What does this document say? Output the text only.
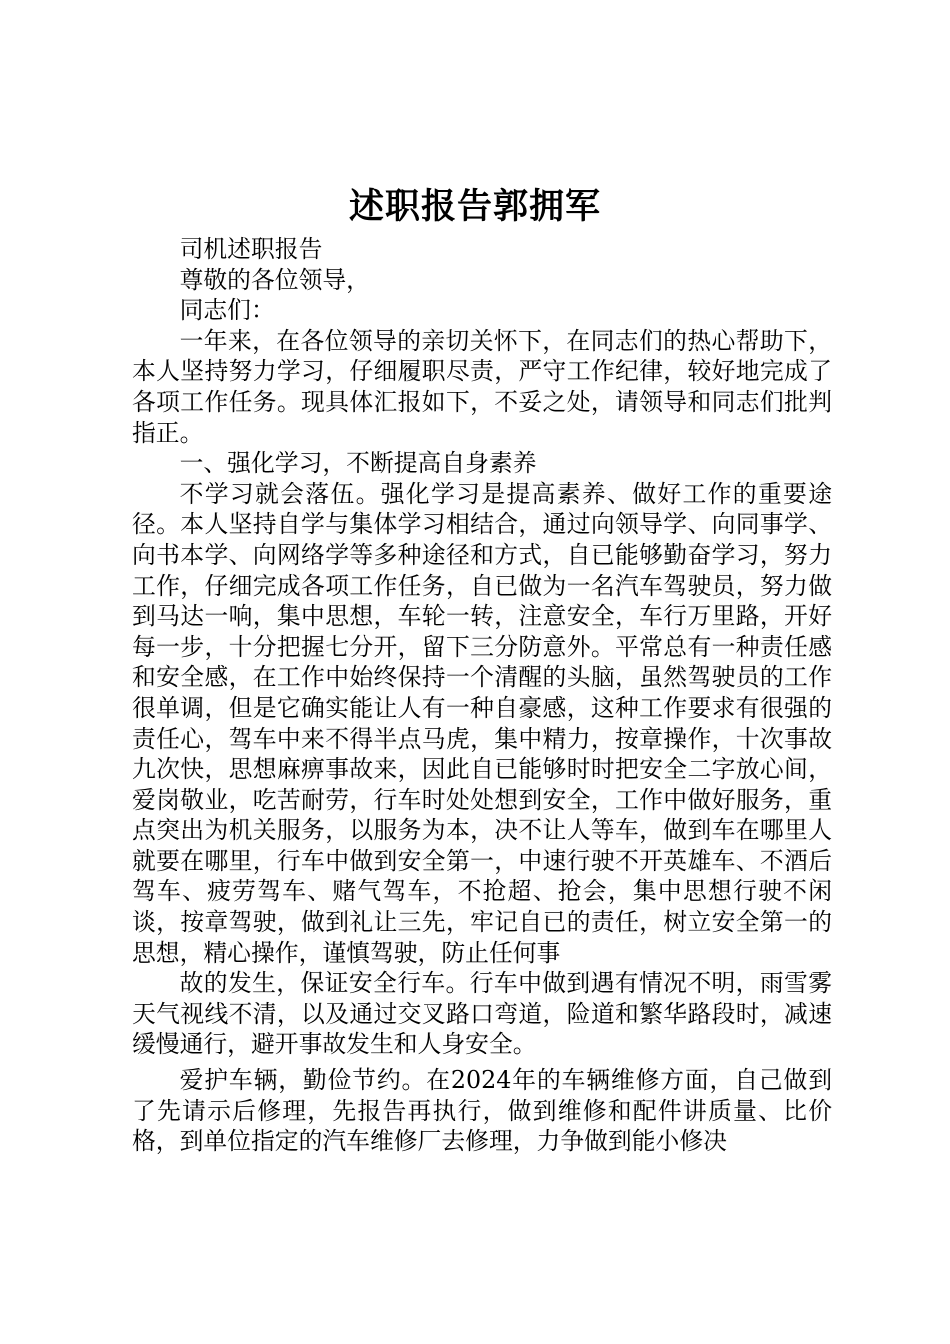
述职报告郭拥军

司机述职报告

尊敬的各位领导，

同志们：

一年来，在各位领导的亲切关怀下，在同志们的热心帮助下，本人坚持努力学习，仔细履职尽责，严守工作纪律，较好地完成了各项工作任务。现具体汇报如下，不妥之处，请领导和同志们批判指正。

一、强化学习，不断提高自身素养

不学习就会落伍。强化学习是提高素养、做好工作的重要途径。本人坚持自学与集体学习相结合，通过向领导学、向同事学、向书本学、向网络学等多种途径和方式，自已能够勤奋学习，努力工作，仔细完成各项工作任务，自已做为一名汽车驾驶员，努力做到马达一响，集中思想，车轮一转，注意安全，车行万里路，开好每一步，十分把握七分开，留下三分防意外。平常总有一种责任感和安全感，在工作中始终保持一个清醒的头脑，虽然驾驶员的工作很单调，但是它确实能让人有一种自豪感，这种工作要求有很强的责任心，驾车中来不得半点马虎，集中精力，按章操作，十次事故九次快，思想麻痹事故来，因此自已能够时时把安全二字放心间，爱岗敬业，吃苦耐劳，行车时处处想到安全，工作中做好服务，重点突出为机关服务，以服务为本，决不让人等车，做到车在哪里人就要在哪里，行车中做到安全第一，中速行驶不开英雄车、不酒后驾车、疲劳驾车、赌气驾车，不抢超、抢会，集中思想行驶不闲谈，按章驾驶，做到礼让三先，牢记自已的责任，树立安全第一的思想，精心操作，谨慎驾驶，防止任何事

故的发生，保证安全行车。行车中做到遇有情况不明，雨雪雾天气视线不清，以及通过交叉路口弯道，险道和繁华路段时，减速缓慢通行，避开事故发生和人身安全。

爱护车辆，勤俭节约。在2024年的车辆维修方面，自己做到了先请示后修理，先报告再执行，做到维修和配件讲质量、比价格，到单位指定的汽车维修厂去修理，力争做到能小修决
